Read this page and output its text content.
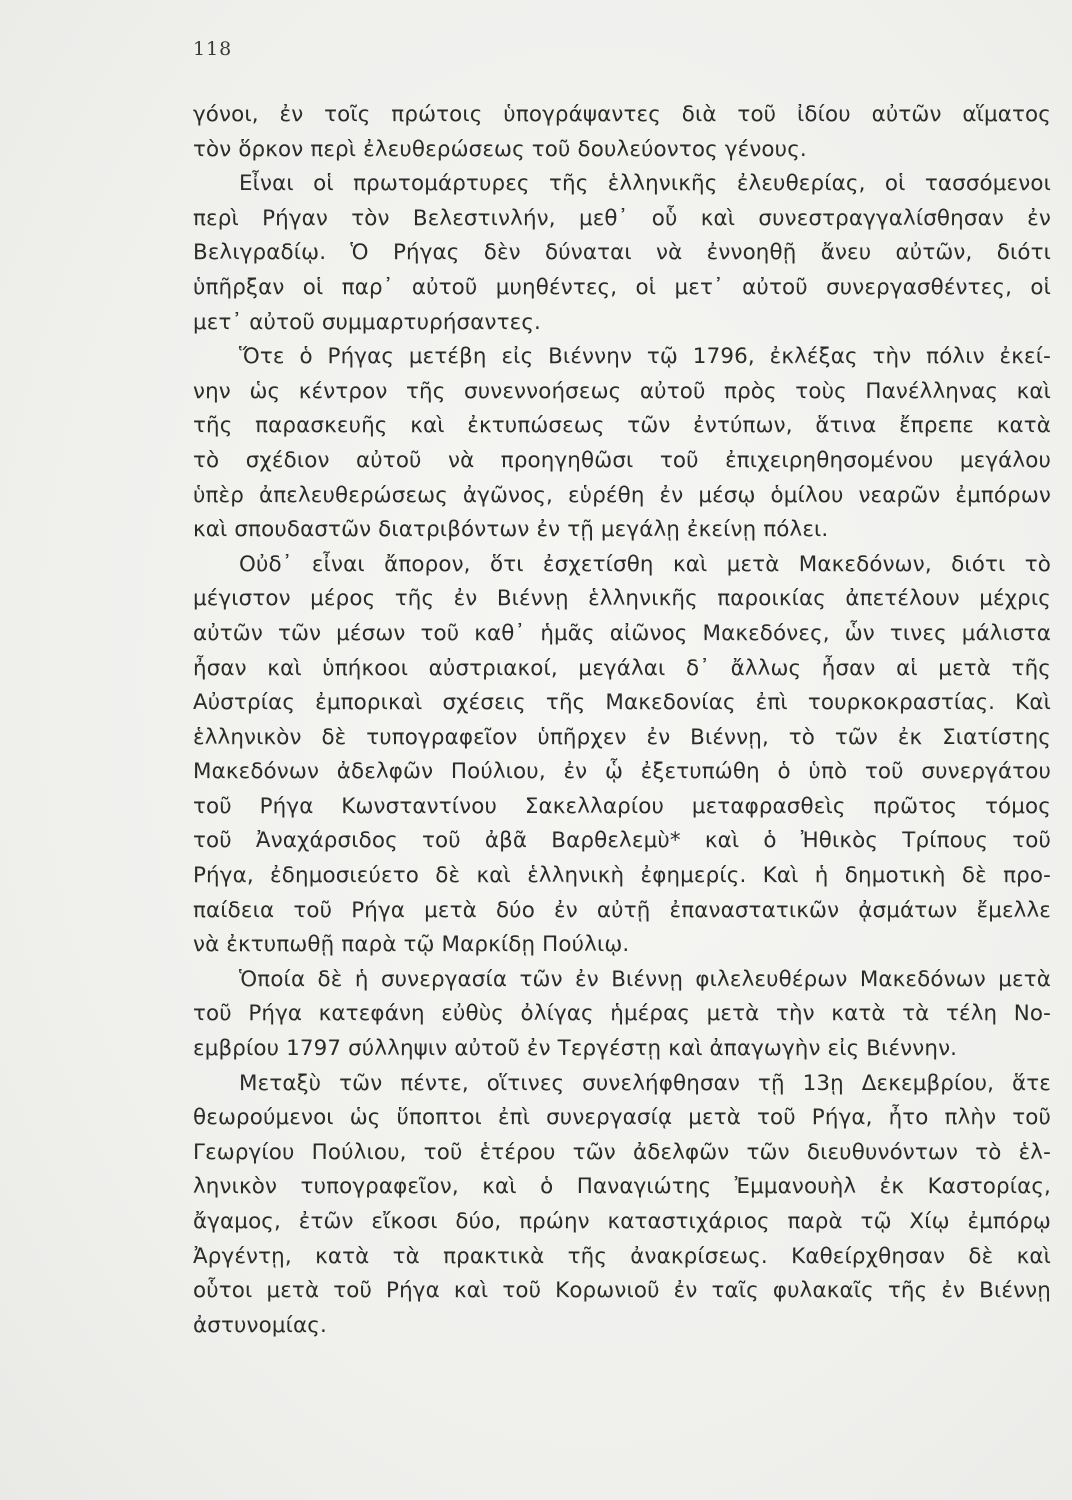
118
γόνοι, ἐν τοῖς πρώτοις ὑπογράψαντες διὰ τοῦ ἰδίου αὐτῶν αἵματος
τὸν ὅρκον περὶ ἐλευθερώσεως τοῦ δουλεύοντος γένους.
Εἶναι οἱ πρωτομάρτυρες τῆς ἑλληνικῆς ἐλευθερίας, οἱ τασσόμενοι
περὶ Ρήγαν τὸν Βελεστινλήν, μεθ᾽ οὗ καὶ συνεστραγγαλίσθησαν ἐν
Βελιγραδίῳ. Ὁ Ρήγας δὲν δύναται νὰ ἐννοηθῇ ἄνευ αὐτῶν, διότι
ὑπῆρξαν οἱ παρ᾽ αὐτοῦ μυηθέντες, οἱ μετ᾽ αὐτοῦ συνεργασθέντες, οἱ
μετ᾽ αὐτοῦ συμμαρτυρήσαντες.
Ὅτε ὁ Ρήγας μετέβη εἰς Βιέννην τῷ 1796, ἐκλέξας τὴν πόλιν ἐκεί-
νην ὡς κέντρον τῆς συνεννοήσεως αὐτοῦ πρὸς τοὺς Πανέλληνας καὶ
τῆς παρασκευῆς καὶ ἐκτυπώσεως τῶν ἐντύπων, ἅτινα ἔπρεπε κατὰ
τὸ σχέδιον αὐτοῦ νὰ προηγηθῶσι τοῦ ἐπιχειρηθησομένου μεγάλου
ὑπὲρ ἀπελευθερώσεως ἀγῶνος, εὑρέθη ἐν μέσῳ ὁμίλου νεαρῶν ἐμπόρων
καὶ σπουδαστῶν διατριβόντων ἐν τῇ μεγάλῃ ἐκείνῃ πόλει.
Οὐδ᾽ εἶναι ἄπορον, ὅτι ἐσχετίσθη καὶ μετὰ Μακεδόνων, διότι τὸ
μέγιστον μέρος τῆς ἐν Βιέννῃ ἑλληνικῆς παροικίας ἀπετέλουν μέχρις
αὐτῶν τῶν μέσων τοῦ καθ᾽ ἡμᾶς αἰῶνος Μακεδόνες, ὧν τινες μάλιστα
ἦσαν καὶ ὑπήκοοι αὐστριακοί, μεγάλαι δ᾽ ἄλλως ἦσαν αἱ μετὰ τῆς
Αὐστρίας ἐμπορικαὶ σχέσεις τῆς Μακεδονίας ἐπὶ τουρκοκραστίας. Καὶ
ἑλληνικὸν δὲ τυπογραφεῖον ὑπῆρχεν ἐν Βιέννῃ, τὸ τῶν ἐκ Σιατίστης
Μακεδόνων ἀδελφῶν Πούλιου, ἐν ᾧ ἐξετυπώθη ὁ ὑπὸ τοῦ συνεργάτου
τοῦ Ρήγα Κωνσταντίνου Σακελλαρίου μεταφρασθεὶς πρῶτος τόμος
τοῦ Ἀναχάρσιδος τοῦ ἀβᾶ Βαρθελεμὺ* καὶ ὁ Ἠθικὸς Τρίπους τοῦ
Ρήγα, ἐδημοσιεύετο δὲ καὶ ἑλληνικὴ ἐφημερίς. Καὶ ἡ δημοτικὴ δὲ προ-
παίδεια τοῦ Ρήγα μετὰ δύο ἐν αὐτῇ ἐπαναστατικῶν ᾀσμάτων ἔμελλε
νὰ ἐκτυπωθῇ παρὰ τῷ Μαρκίδῃ Πούλιῳ.
Ὁποία δὲ ἡ συνεργασία τῶν ἐν Βιέννῃ φιλελευθέρων Μακεδόνων μετὰ
τοῦ Ρήγα κατεφάνη εὐθὺς ὀλίγας ἡμέρας μετὰ τὴν κατὰ τὰ τέλη Νο-
εμβρίου 1797 σύλληψιν αὐτοῦ ἐν Τεργέστῃ καὶ ἀπαγωγὴν εἰς Βιέννην.
Μεταξὺ τῶν πέντε, οἵτινες συνελήφθησαν τῇ 13ῃ Δεκεμβρίου, ἅτε
θεωρούμενοι ὡς ὕποπτοι ἐπὶ συνεργασίᾳ μετὰ τοῦ Ρήγα, ἦτο πλὴν τοῦ
Γεωργίου Πούλιου, τοῦ ἑτέρου τῶν ἀδελφῶν τῶν διευθυνόντων τὸ ἑλ-
ληνικὸν τυπογραφεῖον, καὶ ὁ Παναγιώτης Ἐμμανουὴλ ἐκ Καστορίας,
ἄγαμος, ἐτῶν εἴκοσι δύο, πρώην καταστιχάριος παρὰ τῷ Χίῳ ἐμπόρῳ
Ἀργέντῃ, κατὰ τὰ πρακτικὰ τῆς ἀνακρίσεως. Καθείρχθησαν δὲ καὶ
οὗτοι μετὰ τοῦ Ρήγα καὶ τοῦ Κορωνιοῦ ἐν ταῖς φυλακαῖς τῆς ἐν Βιέννῃ
ἀστυνομίας.
